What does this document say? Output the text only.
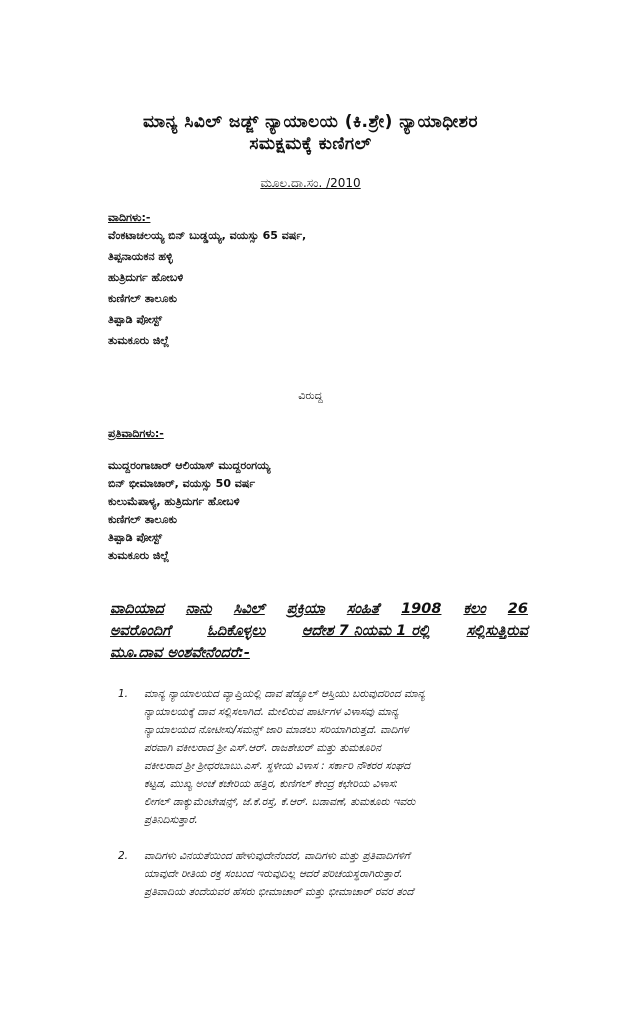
ಮಾನ್ಯ ಸಿವಿಲ್ ಜಡ್ಜ್ ನ್ಯಾಯಾಲಯ (ಕಿ.ಶ್ರೇ) ನ್ಯಾಯಾಧೀಶರ
ಸಮಕ್ಷಮಕ್ಕೆ ಕುಣಿಗಲ್
ಮೂಲ.ದಾ.ಸಂ. /2010
ವಾದಿಗಳು:-
ವೆಂಕಟಾಚಲಯ್ಯ ಬಿನ್ ಬುಡ್ಡಯ್ಯ, ವಯಸ್ಸು 65 ವರ್ಷ,
ತಿಪ್ಪನಾಯಕನ ಹಳ್ಳಿ
ಹುತ್ರಿದುರ್ಗ ಹೋಬಳಿ
ಕುಣಿಗಲ್ ತಾಲೂಕು
ತಿಪ್ಪಾಡಿ ಪೋಸ್ಟ್
ತುಮಕೂರು ಜಿಲ್ಲೆ
ವಿರುದ್ದ
ಪ್ರತಿವಾದಿಗಳು:-
ಮುದ್ದರಂಗಾಚಾರ್ ಆಲಿಯಾಸ್ ಮುದ್ದರಂಗಯ್ಯ
ಬಿನ್ ಭೀಮಾಚಾರ್, ವಯಸ್ಸು 50 ವರ್ಷ
ಕುಲುಮೆಪಾಳ್ಯ, ಹುತ್ರಿದುರ್ಗ ಹೋಬಳಿ
ಕುಣಿಗಲ್ ತಾಲೂಕು
ತಿಪ್ಪಾಡಿ ಪೋಸ್ಟ್
ತುಮಕೂರು ಜಿಲ್ಲೆ
ವಾದಿಯಾದ ನಾನು ಸಿವಿಲ್ ಪ್ರಕ್ರಿಯಾ ಸಂಹಿತೆ 1908 ಕಲಂ 26
ಅವರೊಂದಿಗೆ	ಓದಿಕೊಳ್ಳಲು	ಆದೇಶ 7 ನಿಯಮ 1 ರಲ್ಲಿ	ಸಲ್ಲಿಸುತ್ತಿರುವ
ಮೂ.ದಾವ ಅಂಶವೇನೆಂದರೆ:-
1. ಮಾನ್ಯ ನ್ಯಾಯಾಲಯದ ವ್ಯಾಪ್ತಿಯಲ್ಲಿ ದಾವ ಷೆಡ್ಯೂಲ್ ಆಸ್ತಿಯು ಬರುವುದರಿಂದ ಮಾನ್ಯ
ನ್ಯಾಯಾಲಯಕ್ಕೆ ದಾವ ಸಲ್ಲಿಸಲಾಗಿದೆ. ಮೇಲಿರುವ ಪಾರ್ಟಿಗಳ ವಿಳಾಸವು ಮಾನ್ಯ
ನ್ಯಾಯಾಲಯದ ನೋಟೀಸು/ಸಮನ್ಸ್ ಜಾರಿ ಮಾಡಲು ಸರಿಯಾಗಿರುತ್ತದೆ. ವಾದಿಗಳ
ಪರವಾಗಿ ವಕೀಲರಾದ ಶ್ರೀ ಎಸ್.ಆರ್. ರಾಜಶೇಖರ್ ಮತ್ತು ತುಮಕೂರಿನ
ವಕೀಲರಾದ ಶ್ರೀ ಶ್ರೀಧರಬಾಬು.ಎಸ್. ಸ್ಥಳೀಯ ವಿಳಾಸ : ಸರ್ಕಾರಿ ನೌಕರರ ಸಂಘದ
ಕಟ್ಟಡ, ಮುಖ್ಯ ಅಂಚೆ ಕಚೇರಿಯ ಹತ್ತಿರ, ಕುಣಿಗಲ್ ಕೇಂದ್ರ ಕಛೇರಿಯ ವಿಳಾಸ:
ಲೀಗಲ್ ಡಾಕ್ಯುಮೆಂಟೇಷನ್ಸ್, ಜೆ.ಕೆ.ರಸ್ತೆ, ಕೆ.ಆರ್. ಬಡಾವಣೆ, ತುಮಕೂರು ಇವರು
ಪ್ರತಿನಿದಿಸುತ್ತಾರೆ.
2. ವಾದಿಗಳು ವಿನಯತೆಯಿಂದ ಹೇಳುವುದೇನೆಂದರೆ, ವಾದಿಗಳು ಮತ್ತು ಪ್ರತಿವಾದಿಗಳಿಗೆ
ಯಾವುದೇ ರೀತಿಯ ರಕ್ತ ಸಂಬಂದ ಇರುವುದಿಲ್ಲ ಆದರೆ ಪರಿಚಯಸ್ಥರಾಗಿರುತ್ತಾರೆ.
ಪ್ರತಿವಾದಿಯ ತಂದೆಯವರ ಹೆಸರು ಭೀಮಾಚಾರ್ ಮತ್ತು ಭೀಮಾಚಾರ್ ರವರ ತಂದೆ
